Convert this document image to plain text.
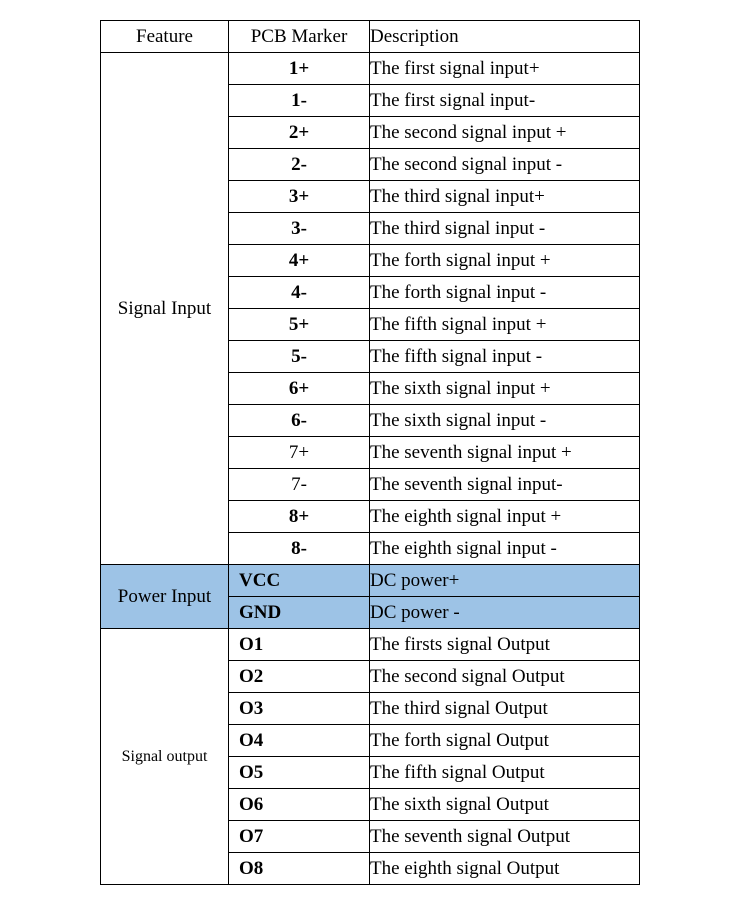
Feature	PCB Marker	Description
Signal Input	1+	The first signal input+
	1-	The first signal input-
	2+	The second signal input +
	2-	The second signal input -
	3+	The third signal input+
	3-	The third signal input -
	4+	The forth signal input +
	4-	The forth signal input -
	5+	The fifth signal input +
	5-	The fifth signal input -
	6+	The sixth signal input +
	6-	The sixth signal input -
	7+	The seventh signal input +
	7-	The seventh signal input-
	8+	The eighth signal input +
	8-	The eighth signal input -
Power Input	VCC	DC power+
	GND	DC power -
Signal output	O1	The firsts signal Output
	O2	The second signal Output
	O3	The third signal Output
	O4	The forth signal Output
	O5	The fifth signal Output
	O6	The sixth signal Output
	O7	The seventh signal Output
	O8	The eighth signal Output
